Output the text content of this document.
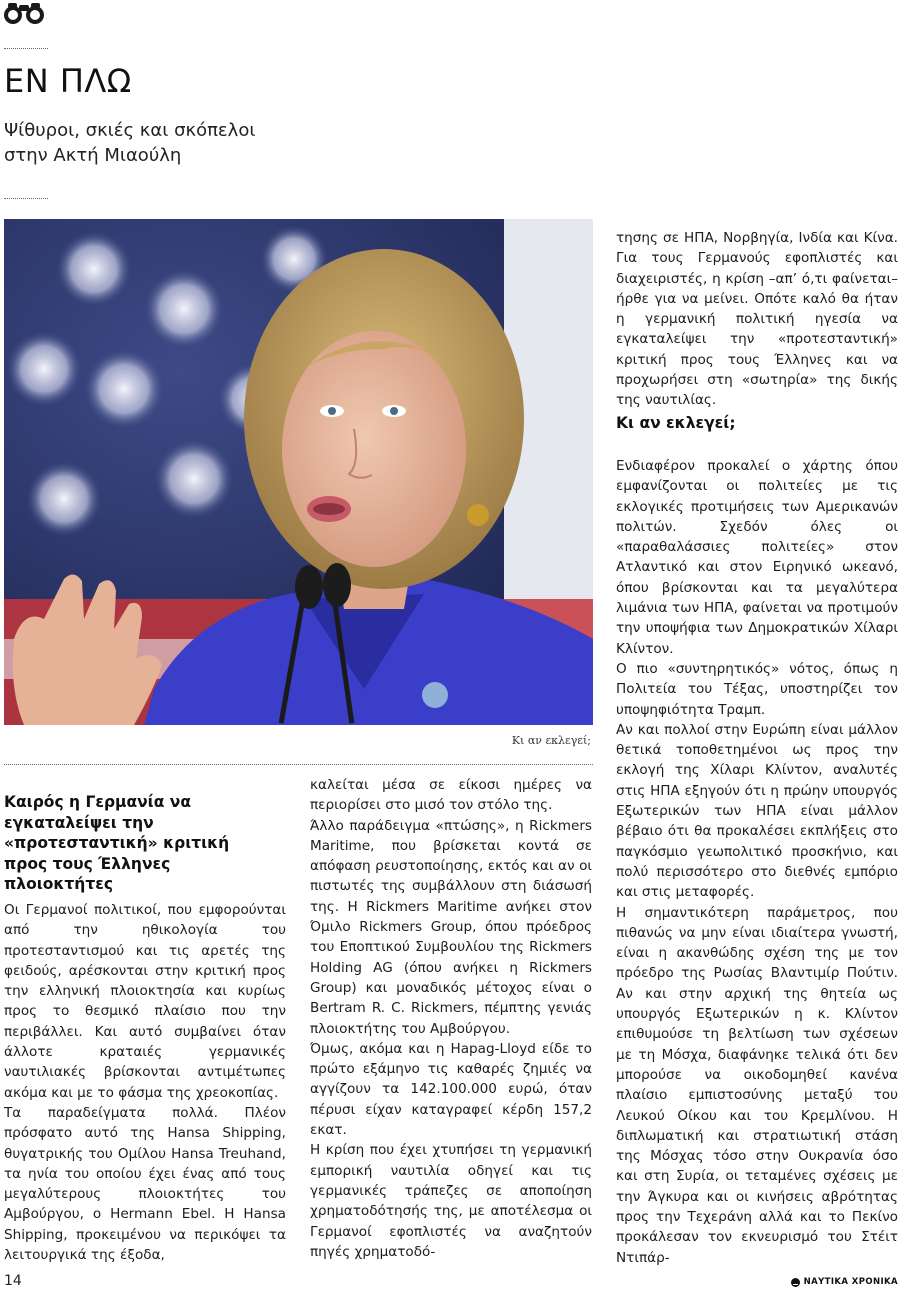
ΕΝ ΠΛΩ
Ψίθυροι, σκιές και σκόπελοι
στην Ακτή Μιαούλη
Κι αν εκλεγεί;
Καιρός η Γερμανία να εγκαταλείψει την «προτεσταντική» κριτική προς τους Έλληνες πλοιοκτήτες

Οι Γερμανοί πολιτικοί, που εμφορούνται από την ηθικολογία του προτεσταντισμού και τις αρετές της φειδούς, αρέσκονται στην κριτική προς την ελληνική πλοιοκτησία και κυρίως προς το θεσμικό πλαίσιο που την περιβάλλει. Και αυτό συμβαίνει όταν άλλοτε κραταιές γερμανικές ναυτιλιακές βρίσκονται αντιμέτωπες ακόμα και με το φάσμα της χρεοκοπίας.

Τα παραδείγματα πολλά. Πλέον πρόσφατο αυτό της Hansa Shipping, θυγατρικής του Ομίλου Hansa Treuhand, τα ηνία του οποίου έχει ένας από τους μεγαλύτερους πλοιοκτήτες του Αμβούργου, ο Hermann Ebel. Η Hansa Shipping, προκειμένου να περικόψει τα λειτουργικά της έξοδα,

καλείται μέσα σε είκοσι ημέρες να περιορίσει στο μισό τον στόλο της.

Άλλο παράδειγμα «πτώσης», η Rickmers Maritime, που βρίσκεται κοντά σε απόφαση ρευστοποίησης, εκτός και αν οι πιστωτές της συμβάλλουν στη διάσωσή της. Η Rickmers Maritime ανήκει στον Όμιλο Rickmers Group, όπου πρόεδρος του Εποπτικού Συμβουλίου της Rickmers Holding AG (όπου ανήκει η Rickmers Group) και μοναδικός μέτοχος είναι ο Bertram R. C. Rickmers, πέμπτης γενιάς πλοιοκτήτης του Αμβούργου.

Όμως, ακόμα και η Hapag-Lloyd είδε το πρώτο εξάμηνο τις καθαρές ζημιές να αγγίζουν τα 142.100.000 ευρώ, όταν πέρυσι είχαν καταγραφεί κέρδη 157,2 εκατ.

Η κρίση που έχει χτυπήσει τη γερμανική εμπορική ναυτιλία οδηγεί και τις γερμανικές τράπεζες σε αποποίηση χρηματοδότησής της, με αποτέλεσμα οι Γερμανοί εφοπλιστές να αναζητούν πηγές χρηματοδό-

τησης σε ΗΠΑ, Νορβηγία, Ινδία και Κίνα. Για τους Γερμανούς εφοπλιστές και διαχειριστές, η κρίση –απ’ ό,τι φαίνεται– ήρθε για να μείνει. Οπότε καλό θα ήταν η γερμανική πολιτική ηγεσία να εγκαταλείψει την «προτεσταντική» κριτική προς τους Έλληνες και να προχωρήσει στη «σωτηρία» της δικής της ναυτιλίας.

Κι αν εκλεγεί;

Ενδιαφέρον προκαλεί ο χάρτης όπου εμφανίζονται οι πολιτείες με τις εκλογικές προτιμήσεις των Αμερικανών πολιτών. Σχεδόν όλες οι «παραθαλάσσιες πολιτείες» στον Ατλαντικό και στον Ειρηνικό ωκεανό, όπου βρίσκονται και τα μεγαλύτερα λιμάνια των ΗΠΑ, φαίνεται να προτιμούν την υποψήφια των Δημοκρατικών Χίλαρι Κλίντον.

Ο πιο «συντηρητικός» νότος, όπως η Πολιτεία του Τέξας, υποστηρίζει τον υποψηφιότητα Τραμπ.

Αν και πολλοί στην Ευρώπη είναι μάλλον θετικά τοποθετημένοι ως προς την εκλογή της Χίλαρι Κλίντον, αναλυτές στις ΗΠΑ εξηγούν ότι η πρώην υπουργός Εξωτερικών των ΗΠΑ είναι μάλλον βέβαιο ότι θα προκαλέσει εκπλήξεις στο παγκόσμιο γεωπολιτικό προσκήνιο, και πολύ περισσότερο στο διεθνές εμπόριο και στις μεταφορές.

Η σημαντικότερη παράμετρος, που πιθανώς να μην είναι ιδιαίτερα γνωστή, είναι η ακανθώδης σχέση της με τον πρόεδρο της Ρωσίας Βλαντιμίρ Πούτιν. Αν και στην αρχική της θητεία ως υπουργός Εξωτερικών η κ. Κλίντον επιθυμούσε τη βελτίωση των σχέσεων με τη Μόσχα, διαφάνηκε τελικά ότι δεν μπορούσε να οικοδομηθεί κανένα πλαίσιο εμπιστοσύνης μεταξύ του Λευκού Οίκου και του Κρεμλίνου. Η διπλωματική και στρατιωτική στάση της Μόσχας τόσο στην Ουκρανία όσο και στη Συρία, οι τεταμένες σχέσεις με την Άγκυρα και οι κινήσεις αβρότητας προς την Τεχεράνη αλλά και το Πεκίνο προκάλεσαν τον εκνευρισμό του Στέιτ Ντιπάρ-

14	ΝΑΥΤΙΚΑ ΧΡΟΝΙΚΑ
